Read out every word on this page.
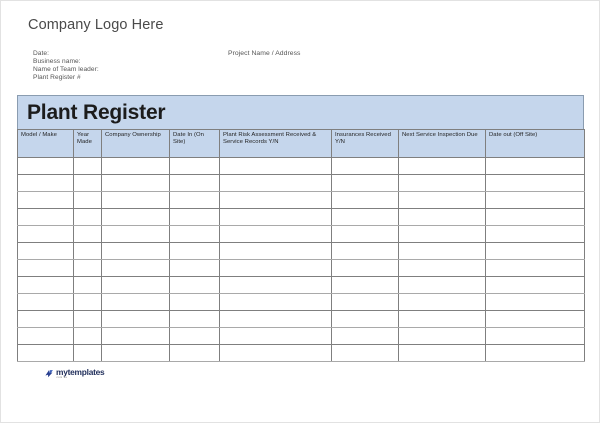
Company Logo Here
Date:
Business name:
Name of Team leader:
Plant Register #
Project Name / Address
Plant Register
Model / Make	Year Made	Company Ownership	Date In (On Site)	Plant Risk Assessment Received & Service Records Y/N	Insurances Received Y/N	Next Service Inspection Due	Date out (Off Site)

mytemplates
com au
